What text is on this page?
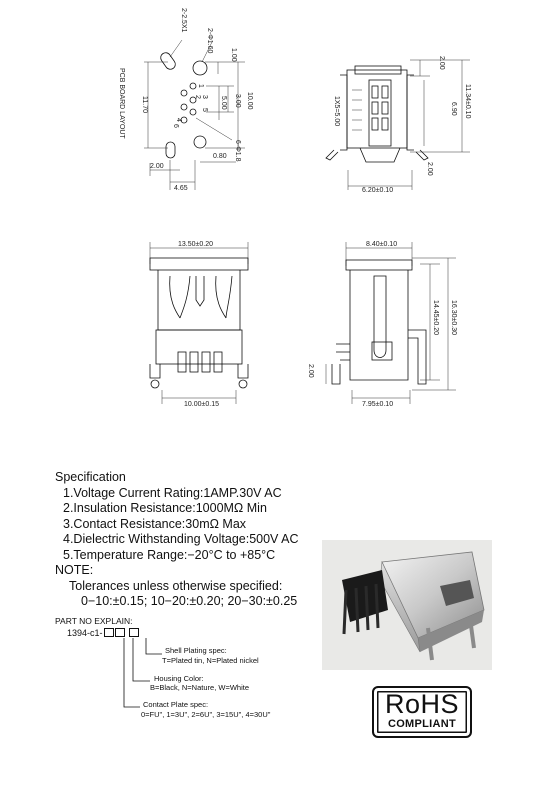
PCB BOARD LAYOUT 11.70
2-2.5X1
2-Φ1.60
1
2 3
4
5
6
1.00
10.00
3.00
5.00
6-Φ1.8
2.00
4.65
0.80
1X5=5.00
2.00
6.90 11.34±0.10
2.00
6.20±0.10
13.50±0.20
10.00±0.15
8.40±0.10
14.45±0.20 16.30±0.30
2.00
7.95±0.10
Specification
1.Voltage Current Rating:1AMP.30V AC
2.Insulation Resistance:1000MΩ Min
3.Contact Resistance:30mΩ Max
4.Dielectric Withstanding Voltage:500V AC
5.Temperature Range:−20°C to +85°C
NOTE:
Tolerances unless otherwise specified:
0−10:±0.15; 10−20:±0.20; 20−30:±0.25
PART NO EXPLAIN:
1394-c1-
Shell Plating spec:
T=Plated tin, N=Plated nickel
Housing Color:
B=Black, N=Nature, W=White
Contact Plate spec:
0=FU", 1=3U", 2=6U", 3=15U", 4=30U"	RoHS
COMPLIANT
